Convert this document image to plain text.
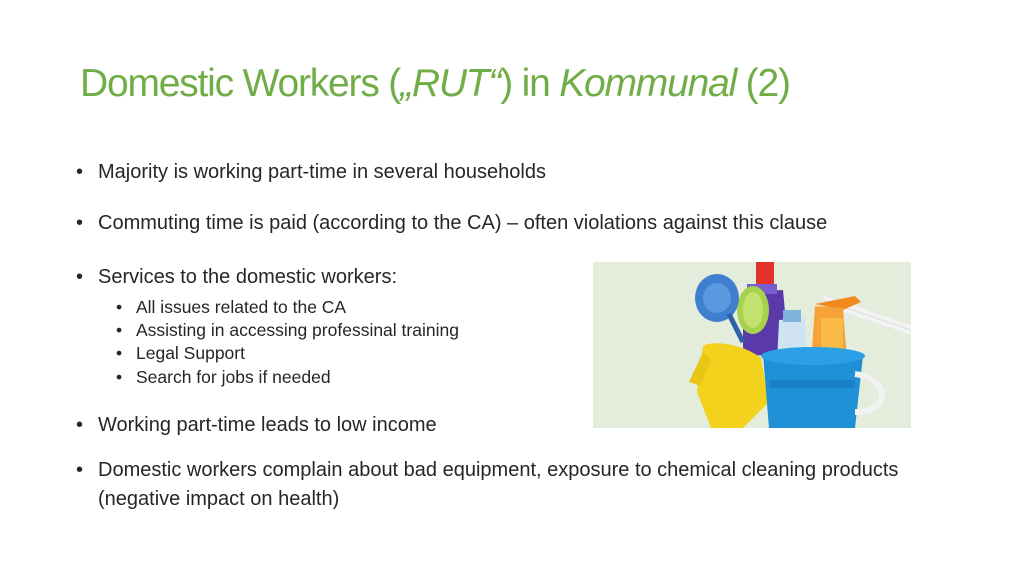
Domestic Workers („RUT“) in Kommunal (2)
• Majority is working part-time in several households
• Commuting time is paid (according to the CA) – often violations against this clause
• Services to the domestic workers:
• All issues related to the CA
• Assisting in accessing professinal training
• Legal Support
• Search for jobs if needed
• Working part-time leads to low income
• Domestic workers complain about bad equipment, exposure to chemical cleaning products (negative impact on health)
